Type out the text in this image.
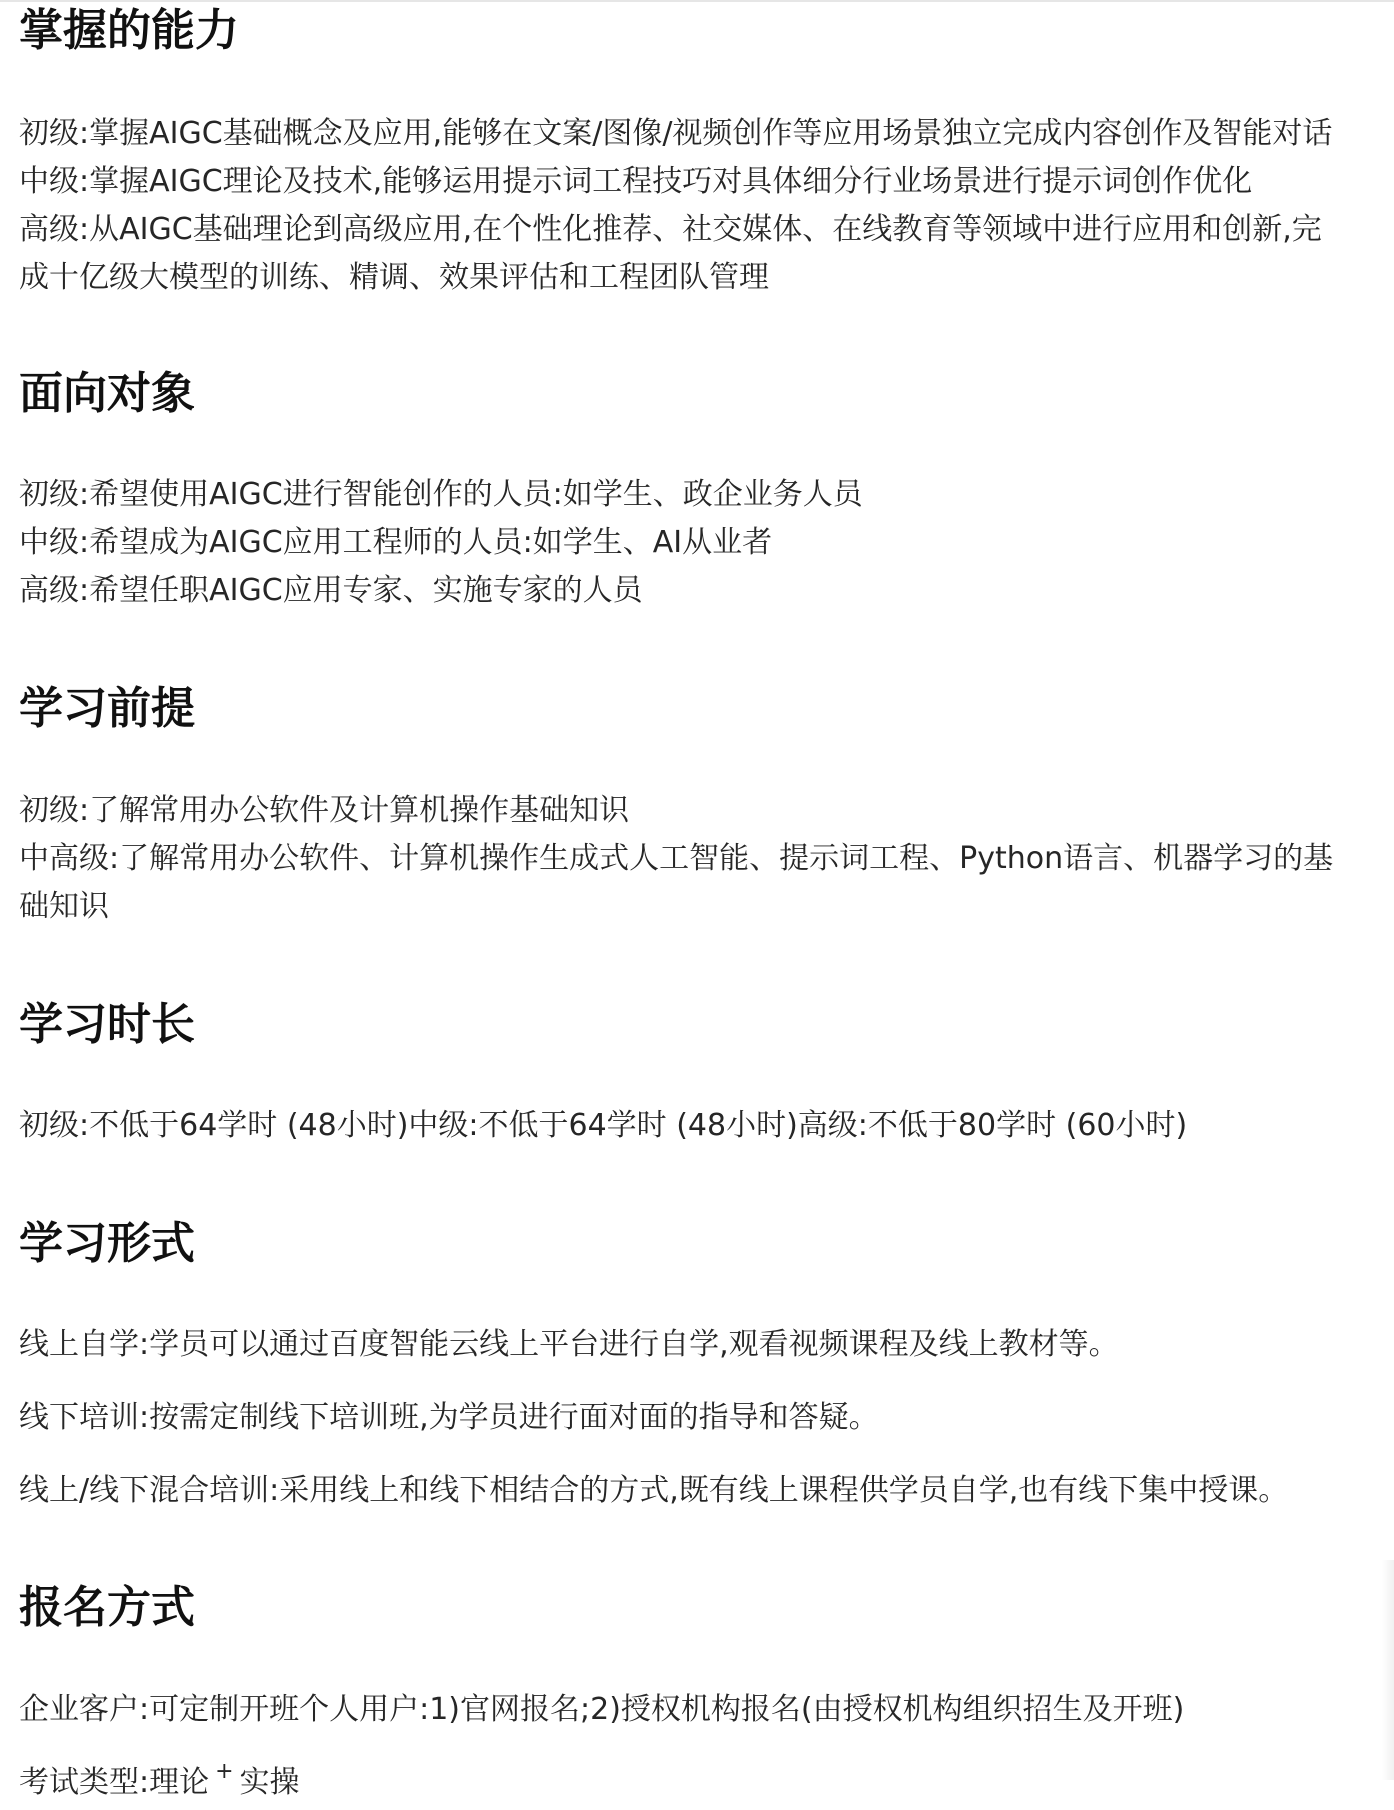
掌握的能力
初级:掌握AIGC基础概念及应用,能够在文案/图像/视频创作等应用场景独立完成内容创作及智能对话
中级:掌握AIGC理论及技术,能够运用提示词工程技巧对具体细分行业场景进行提示词创作优化
高级:从AIGC基础理论到高级应用,在个性化推荐、社交媒体、在线教育等领域中进行应用和创新,完
成十亿级大模型的训练、精调、效果评估和工程团队管理
面向对象
初级:希望使用AIGC进行智能创作的人员:如学生、政企业务人员
中级:希望成为AIGC应用工程师的人员:如学生、AI从业者
高级:希望任职AIGC应用专家、实施专家的人员
学习前提
初级:了解常用办公软件及计算机操作基础知识
中高级:了解常用办公软件、计算机操作生成式人工智能、提示词工程、Python语言、机器学习的基
础知识
学习时长
初级:不低于64学时 (48小时)中级:不低于64学时 (48小时)高级:不低于80学时 (60小时)
学习形式
线上自学:学员可以通过百度智能云线上平台进行自学,观看视频课程及线上教材等。
线下培训:按需定制线下培训班,为学员进行面对面的指导和答疑。
线上/线下混合培训:采用线上和线下相结合的方式,既有线上课程供学员自学,也有线下集中授课。
报名方式
企业客户:可定制开班个人用户:1)官网报名;2)授权机构报名(由授权机构组织招生及开班)
考试类型:理论 + 实操
